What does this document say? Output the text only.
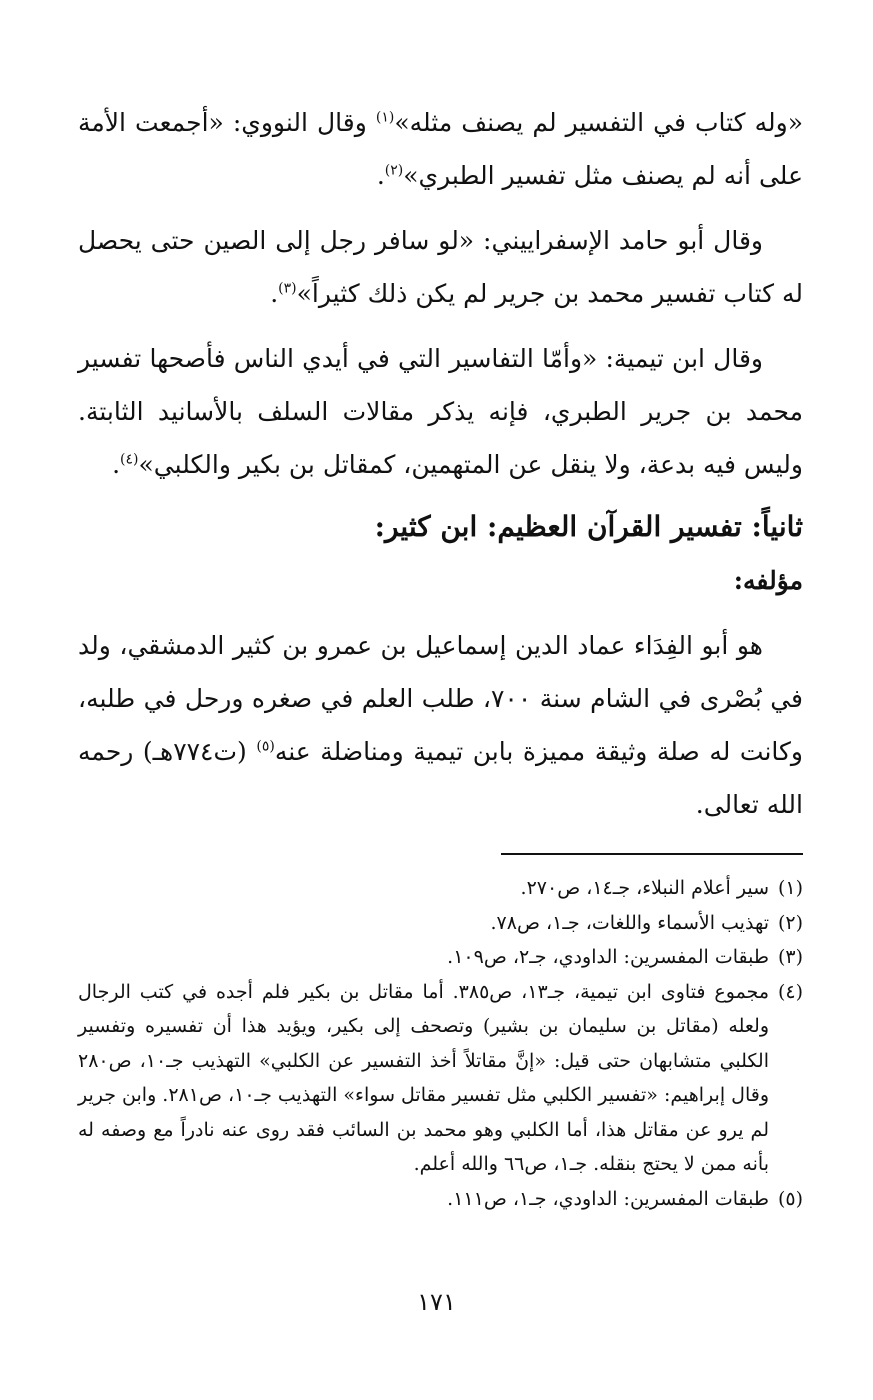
«وله كتاب في التفسير لم يصنف مثله»$^{(١)}$ وقال النووي: «أجمعت الأمة على أنه لم يصنف مثل تفسير الطبري»$^{(٢)}$.

وقال أبو حامد الإسفراييني: «لو سافر رجل إلى الصين حتى يحصل له كتاب تفسير محمد بن جرير لم يكن ذلك كثيراً»$^{(٣)}$.

وقال ابن تيمية: «وأمّا التفاسير التي في أيدي الناس فأصحها تفسير محمد بن جرير الطبري، فإنه يذكر مقالات السلف بالأسانيد الثابتة. وليس فيه بدعة، ولا ينقل عن المتهمين، كمقاتل بن بكير والكلبي»$^{(٤)}$.

ثانياً: تفسير القرآن العظيم: ابن كثير:
مؤلفه:

هو أبو الفِدَاء عماد الدين إسماعيل بن عمرو بن كثير الدمشقي، ولد في بُصْرى في الشام سنة ٧٠٠، طلب العلم في صغره ورحل في طلبه، وكانت له صلة وثيقة مميزة بابن تيمية ومناضلة عنه$^{(٥)}$ (ت٧٧٤هـ) رحمه الله تعالى.

(١)
سير أعلام النبلاء، جـ١٤، ص٢٧٠.
(٢)
تهذيب الأسماء واللغات، جـ١، ص٧٨.
(٣)
طبقات المفسرين: الداودي، جـ٢، ص١٠٩.
(٤)
مجموع فتاوى ابن تيمية، جـ١٣، ص٣٨٥. أما مقاتل بن بكير فلم أجده في كتب الرجال ولعله (مقاتل بن سليمان بن بشير) وتصحف إلى بكير، ويؤيد هذا أن تفسيره وتفسير الكلبي متشابهان حتى قيل: «إنَّ مقاتلاً أخذ التفسير عن الكلبي» التهذيب جـ١٠، ص٢٨٠ وقال إبراهيم: «تفسير الكلبي مثل تفسير مقاتل سواء» التهذيب جـ١٠، ص٢٨١. وابن جرير لم يرو عن مقاتل هذا، أما الكلبي وهو محمد بن السائب فقد روى عنه نادراً مع وصفه له بأنه ممن لا يحتج بنقله. جـ١، ص٦٦ والله أعلم.
(٥)
طبقات المفسرين: الداودي، جـ١، ص١١١.
١٧١
